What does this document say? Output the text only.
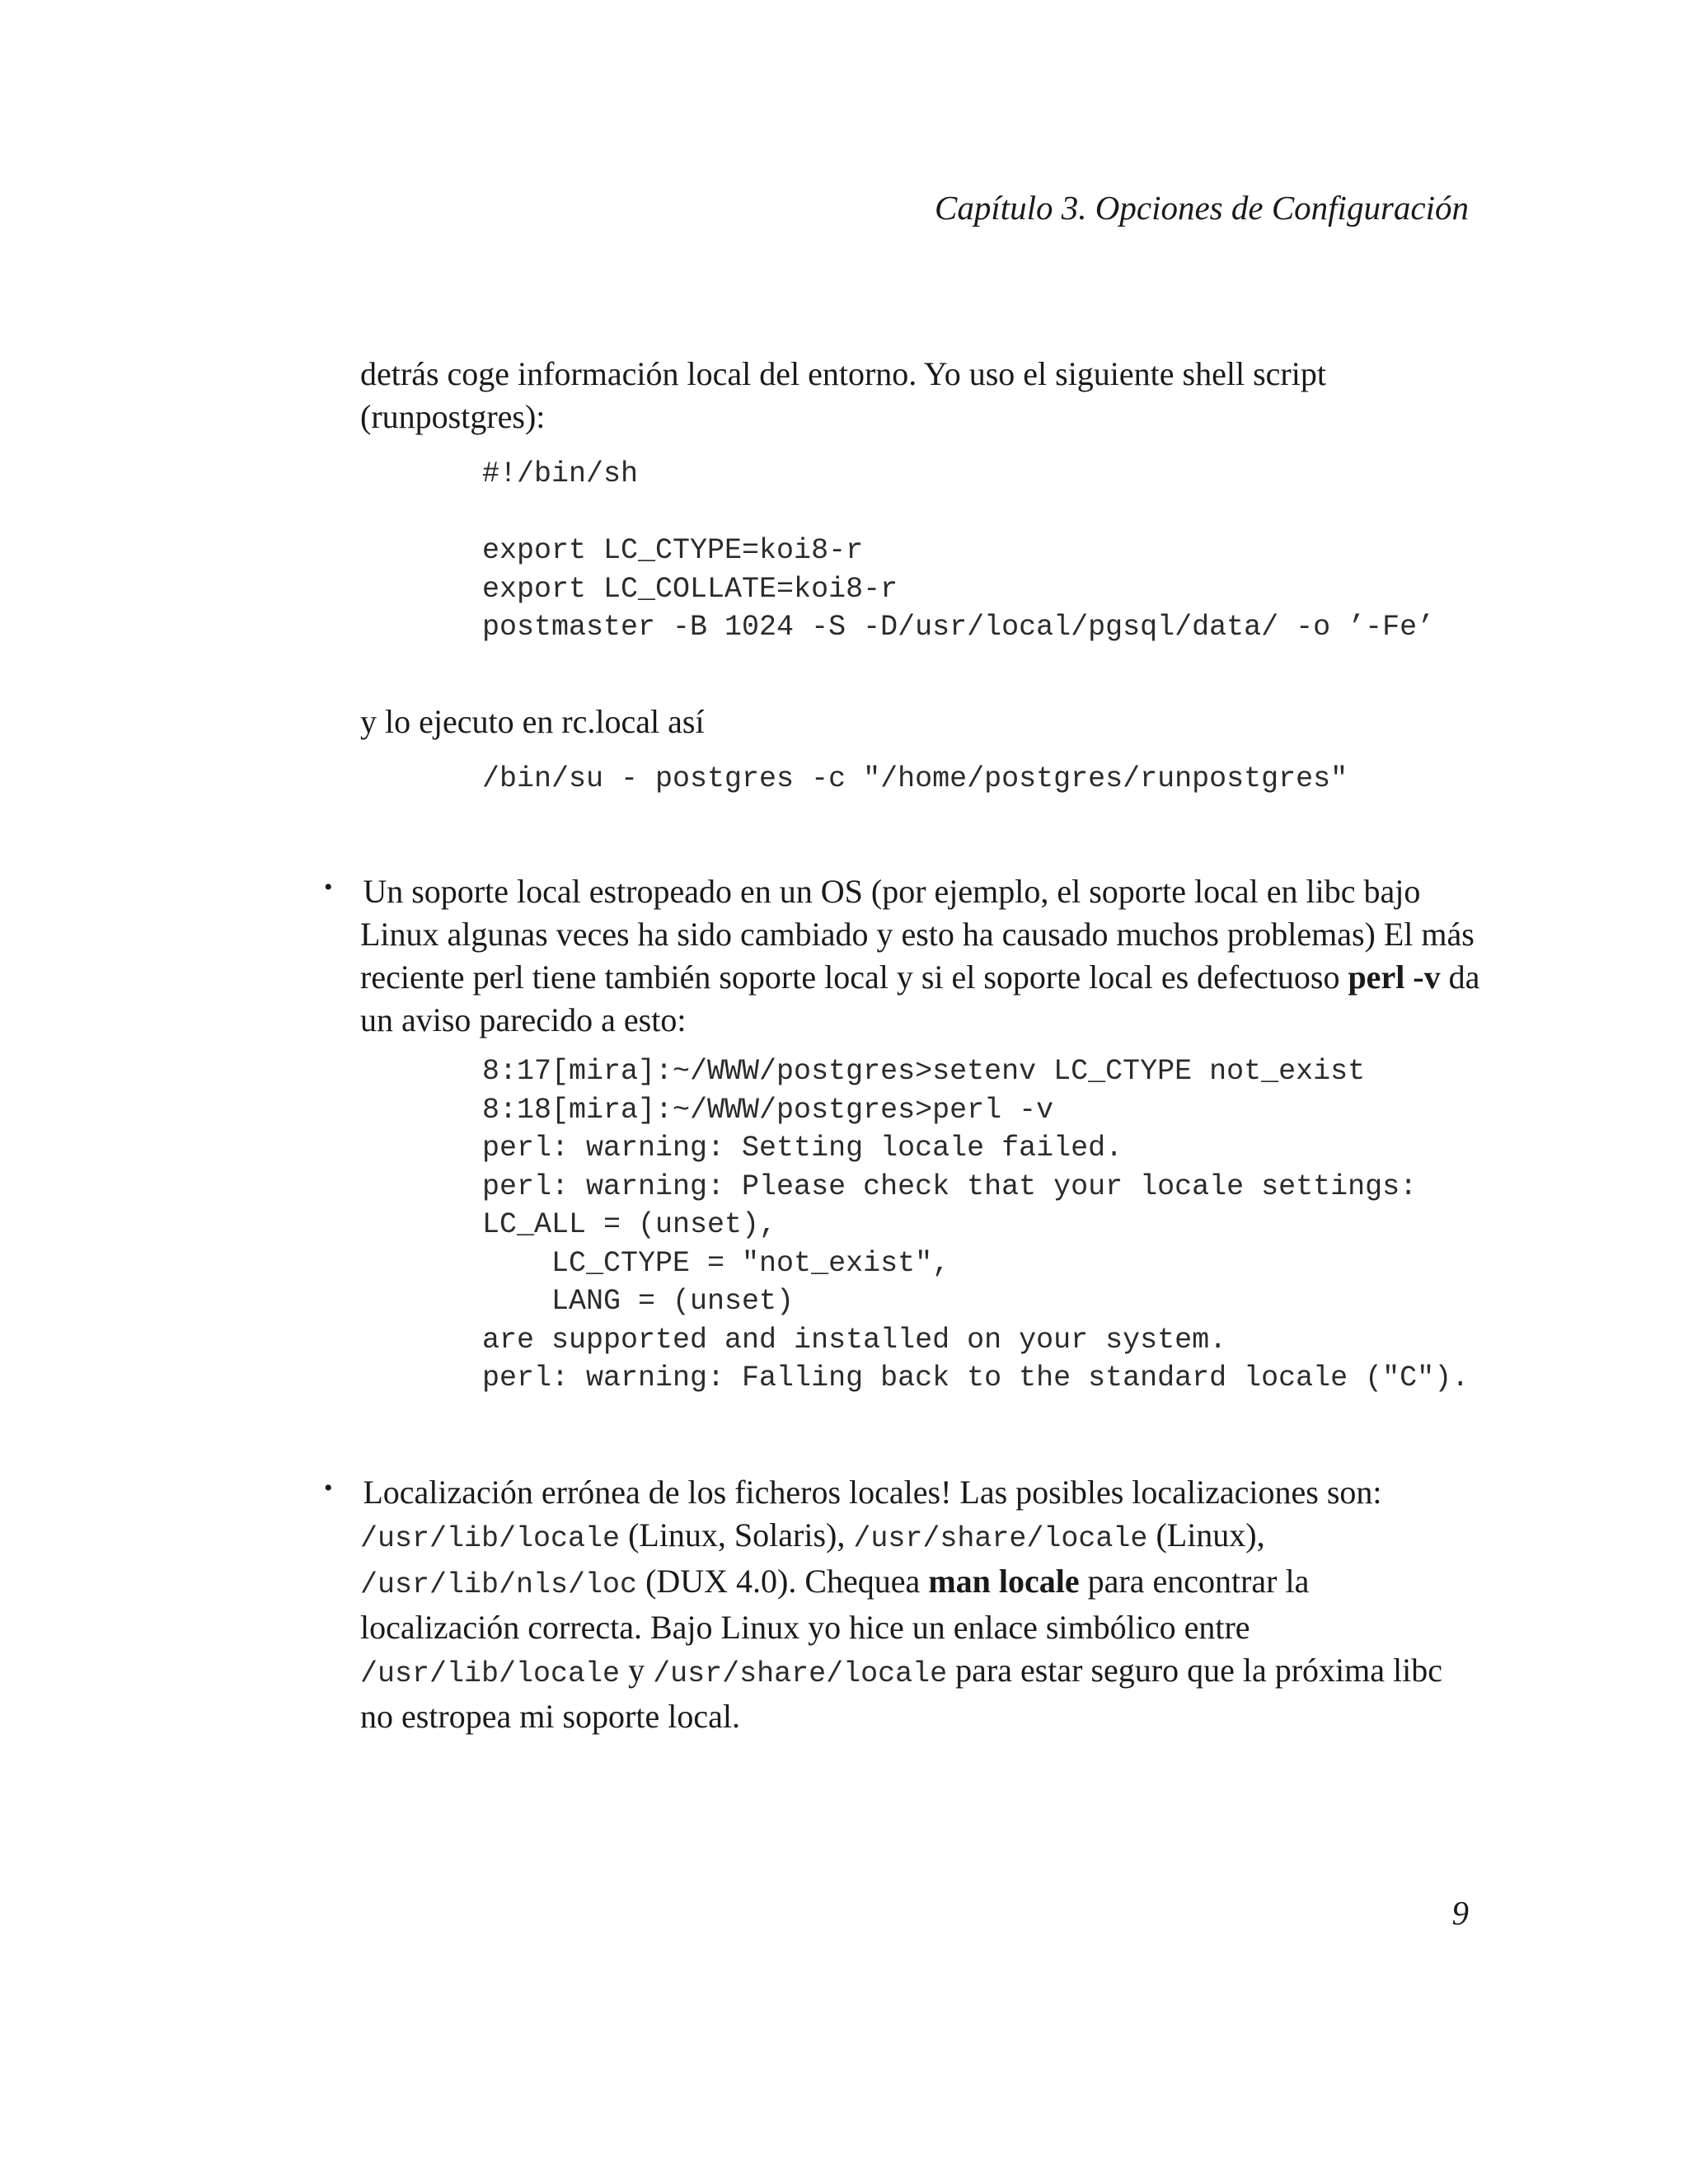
Capítulo 3. Opciones de Configuración

detrás coge información local del entorno. Yo uso el siguiente shell script (runpostgres):

#!/bin/sh
export LC_CTYPE=koi8-r
export LC_COLLATE=koi8-r
postmaster -B 1024 -S -D/usr/local/pgsql/data/ -o ’-Fe’

y lo ejecuto en rc.local así

/bin/su - postgres -c "/home/postgres/runpostgres"
•

  Un soporte local estropeado en un OS (por ejemplo, el soporte local en libc bajo Linux algunas veces ha sido cambiado y esto ha causado muchos problemas) El más reciente perl tiene también soporte local y si el soporte local es defectuoso perl -v da un aviso parecido a esto:

8:17[mira]:~/WWW/postgres>setenv LC_CTYPE not_exist
8:18[mira]:~/WWW/postgres>perl -v
perl: warning: Setting locale failed.
perl: warning: Please check that your locale settings:
LC_ALL = (unset),
LC_CTYPE = "not_exist",
LANG = (unset)
are supported and installed on your system.
perl: warning: Falling back to the standard locale ("C").
•

  Localización errónea de los ficheros locales! Las posibles localizaciones son: /usr/lib/locale (Linux, Solaris), /usr/share/locale (Linux), /usr/lib/nls/loc (DUX 4.0). Chequea man locale para encontrar la localización correcta. Bajo Linux yo hice un enlace simbólico entre /usr/lib/locale y /usr/share/locale para estar seguro que la próxima libc no estropea mi soporte local.

9
